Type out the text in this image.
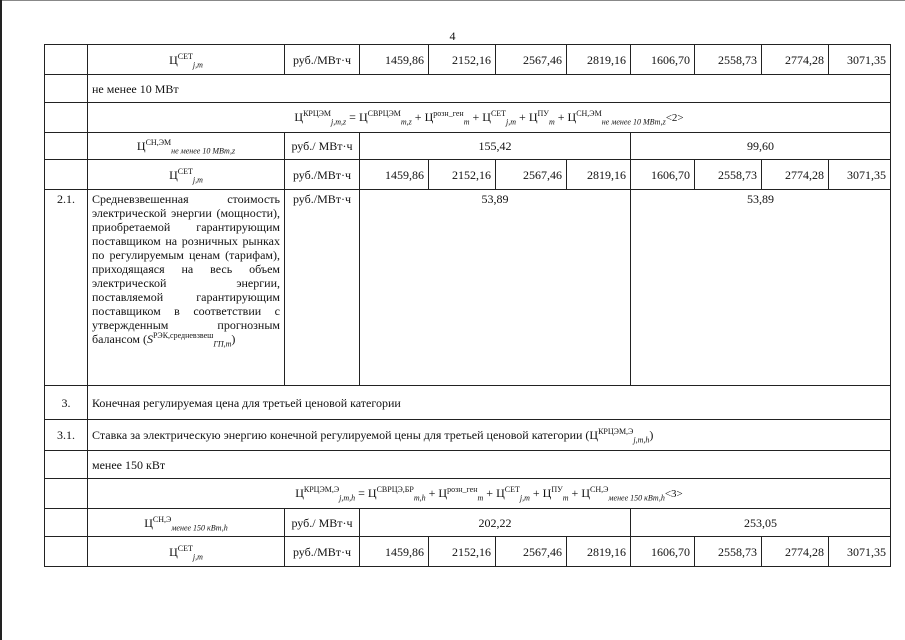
4
	$Ц^{СЕТ}_{j,m}$	руб./МВт·ч	1459,86	2152,16	2567,46	2819,16	1606,70	2558,73	2774,28	3071,35
	не менее 10 МВт									
	$Ц^{КРЦЭМ}_{j,m,z} = Ц^{СВРЦЭМ}_{m,z} + Ц^{розн\_ген}_m + Ц^{СЕТ}_{j,m} + Ц^{ПУ}_m + Ц^{СН,ЭМ}_{не менее 10 МВт,z}<2>$									
	$Ц^{СН,ЭМ}_{не менее 10 МВт,z}$	руб./ МВт·ч	155,42				99,60			
	$Ц^{СЕТ}_{j,m}$	руб./МВт·ч	1459,86	2152,16	2567,46	2819,16	1606,70	2558,73	2774,28	3071,35
2.1.	Средневзвешенная стоимость электрической энергии (мощности), приобретаемой гарантирующим поставщиком на розничных рынках по регулируемым ценам (тарифам), приходящаяся на весь объем электрической энергии, поставляемой гарантирующим поставщиком в соответствии с утвержденным прогнозным балансом $(S^{РЭК,средневзвеш}_{ГП,m})$	руб./МВт·ч	53,89				53,89			
3.	Конечная регулируемая цена для третьей ценовой категории									
3.1.	Ставка за электрическую энергию конечной регулируемой цены для третьей ценовой категории $(Ц^{КРЦЭМ,Э}_{j,m,h})$									
	менее 150 кВт									
	$Ц^{КРЦЭМ,Э}_{j,m,h} = Ц^{СВРЦЭ,БР}_{m,h} + Ц^{розн\_ген}_m + Ц^{СЕТ}_{j,m} + Ц^{ПУ}_m + Ц^{СН,Э}_{менее 150 кВт,h}<3>$									
	$Ц^{СН,Э}_{менее 150 кВт,h}$	руб./ МВт·ч	202,22				253,05			
	$Ц^{СЕТ}_{j,m}$	руб./МВт·ч	1459,86	2152,16	2567,46	2819,16	1606,70	2558,73	2774,28	3071,35
